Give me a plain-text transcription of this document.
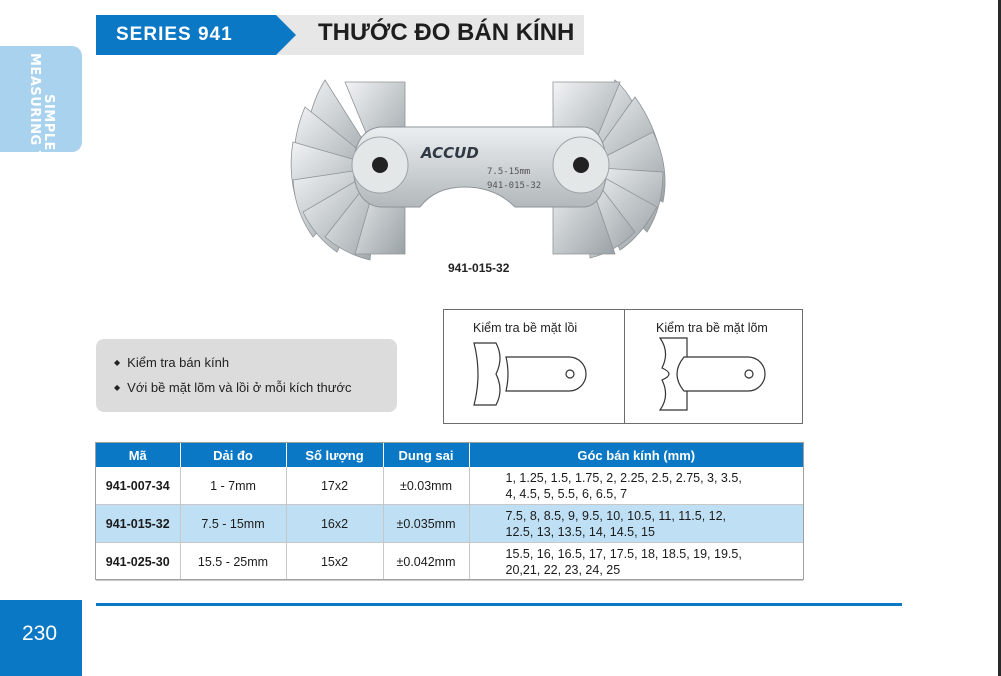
SIMPLE
MEASURING TOOL
SERIES 941	THƯỚC ĐO BÁN KÍNH
ACCUD
7.5-15mm
941-015-32
941-015-32
◆ Kiểm tra bán kính
◆ Với bề mặt lõm và lồi ở mỗi kích thước
Kiểm tra bề mặt lồi	Kiểm tra bề mặt lõm
Mã	Dải đo	Số lượng	Dung sai	Góc bán kính (mm)
941-007-34	1 - 7mm	17x2	±0.03mm	1, 1.25, 1.5, 1.75, 2, 2.25, 2.5, 2.75, 3, 3.5,
4, 4.5, 5, 5.5, 6, 6.5, 7

941-015-32	7.5 - 15mm	16x2	±0.035mm	7.5, 8, 8.5, 9, 9.5, 10, 10.5, 11, 11.5, 12,
12.5, 13, 13.5, 14, 14.5, 15

941-025-30	15.5 - 25mm	15x2	±0.042mm	15.5, 16, 16.5, 17, 17.5, 18, 18.5, 19, 19.5,
20,21, 22, 23, 24, 25
230
